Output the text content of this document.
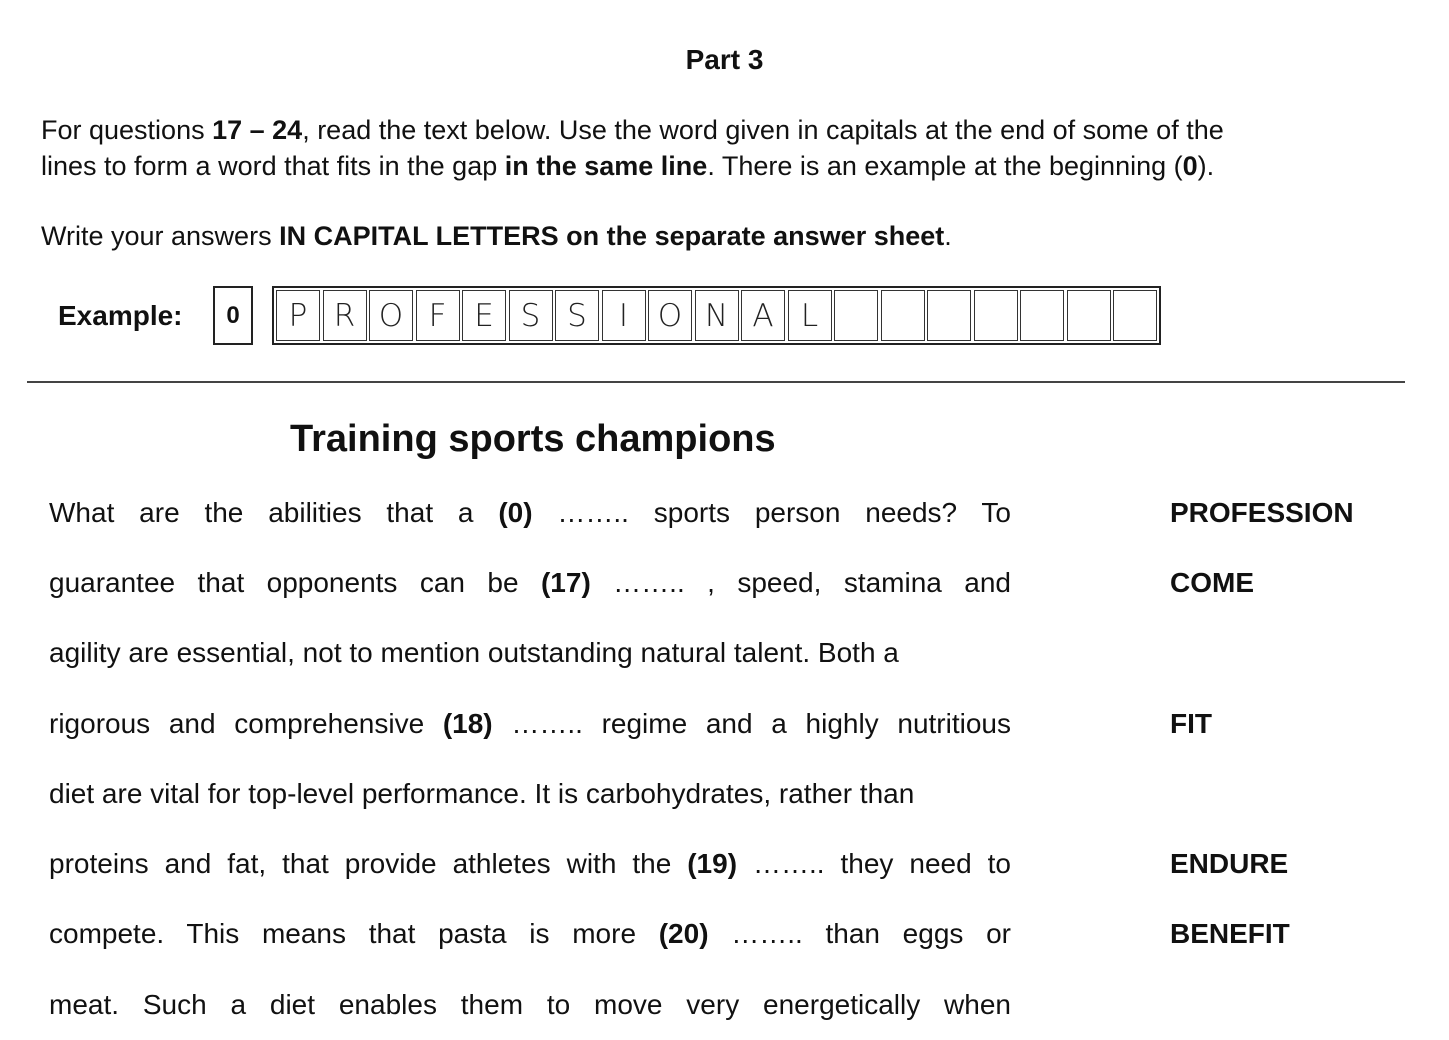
Part 3
For questions 17 – 24, read the text below. Use the word given in capitals at the end of some of the
lines to form a word that fits in the gap in the same line. There is an example at the beginning (0).
Write your answers IN CAPITAL LETTERS on the separate answer sheet.
Example:	0	P R O F E S S	I O N A L
Training sports champions
What are the abilities that a (0) …….. sports person needs? To	PROFESSION
guarantee that opponents can be (17) …….. , speed, stamina and	COME
agility are essential, not to mention outstanding natural talent. Both a
rigorous and comprehensive (18) …….. regime and a highly nutritious	FIT
diet are vital for top-level performance. It is carbohydrates, rather than
proteins and fat, that provide athletes with the (19) …….. they need to	ENDURE
compete. This means that pasta is more (20) …….. than eggs or	BENEFIT
meat. Such a diet enables them to move very energetically when
